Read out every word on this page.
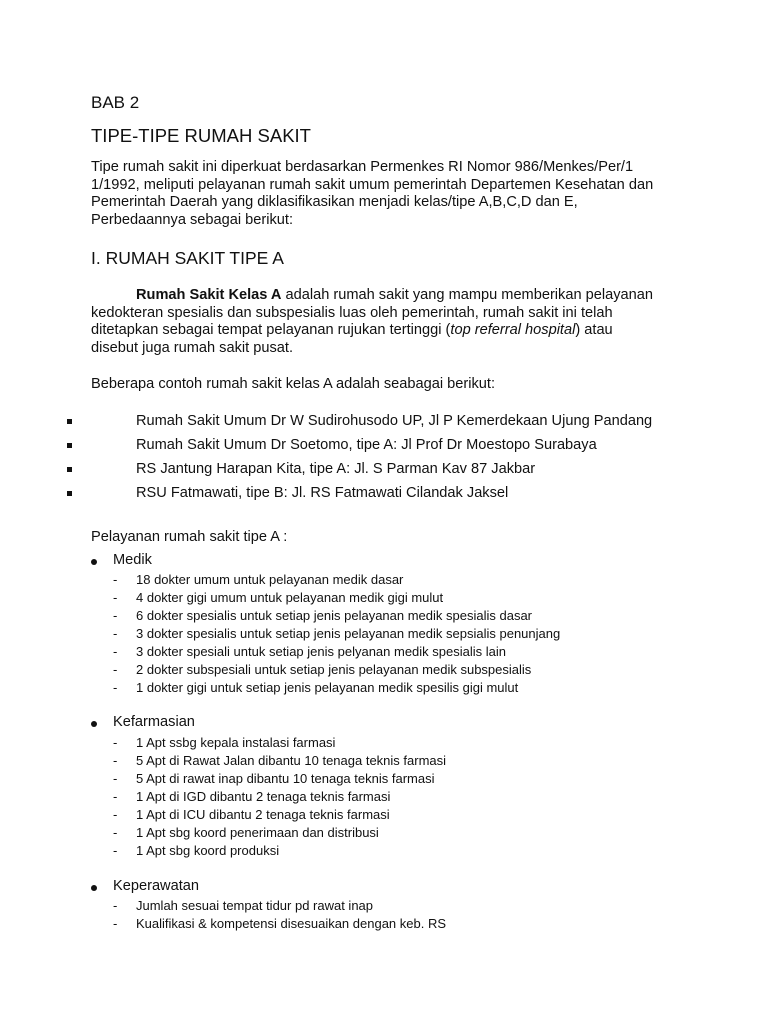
BAB 2
TIPE-TIPE RUMAH SAKIT
Tipe rumah sakit ini diperkuat berdasarkan Permenkes RI Nomor 986/Menkes/Per/1
1/1992, meliputi pelayanan rumah sakit umum pemerintah Departemen Kesehatan dan
Pemerintah Daerah yang diklasifikasikan menjadi kelas/tipe A,B,C,D dan E,
Perbedaannya sebagai berikut:
I. RUMAH SAKIT TIPE A
Rumah Sakit Kelas A adalah rumah sakit yang mampu memberikan pelayanan
kedokteran spesialis dan subspesialis luas oleh pemerintah, rumah sakit ini telah
ditetapkan sebagai tempat pelayanan rujukan tertinggi (top referral hospital) atau
disebut juga rumah sakit pusat.
Beberapa contoh rumah sakit kelas A adalah seabagai berikut:
Rumah Sakit Umum Dr W Sudirohusodo UP, Jl P Kemerdekaan Ujung Pandang
Rumah Sakit Umum Dr Soetomo, tipe A: Jl Prof Dr Moestopo Surabaya
RS Jantung Harapan Kita, tipe A: Jl. S Parman Kav 87 Jakbar
RSU Fatmawati, tipe B: Jl. RS Fatmawati Cilandak Jaksel
Pelayanan rumah sakit tipe A :
Medik
- 18 dokter umum untuk pelayanan medik dasar
- 4 dokter gigi umum untuk pelayanan medik gigi mulut
- 6 dokter spesialis untuk setiap jenis pelayanan medik spesialis dasar
- 3 dokter spesialis untuk setiap jenis pelayanan medik sepsialis penunjang
- 3 dokter spesiali untuk setiap jenis pelyanan medik spesialis lain
- 2 dokter subspesiali untuk setiap jenis pelayanan medik subspesialis
- 1 dokter gigi untuk setiap jenis pelayanan medik spesilis gigi mulut
Kefarmasian
- 1 Apt ssbg kepala instalasi farmasi
- 5 Apt di Rawat Jalan dibantu 10 tenaga teknis farmasi
- 5 Apt di rawat inap dibantu 10 tenaga teknis farmasi
- 1 Apt di IGD dibantu 2 tenaga teknis farmasi
- 1 Apt di ICU dibantu 2 tenaga teknis farmasi
- 1 Apt sbg koord penerimaan dan distribusi
- 1 Apt sbg koord produksi
Keperawatan
- Jumlah sesuai tempat tidur pd rawat inap
- Kualifikasi & kompetensi disesuaikan dengan keb. RS
